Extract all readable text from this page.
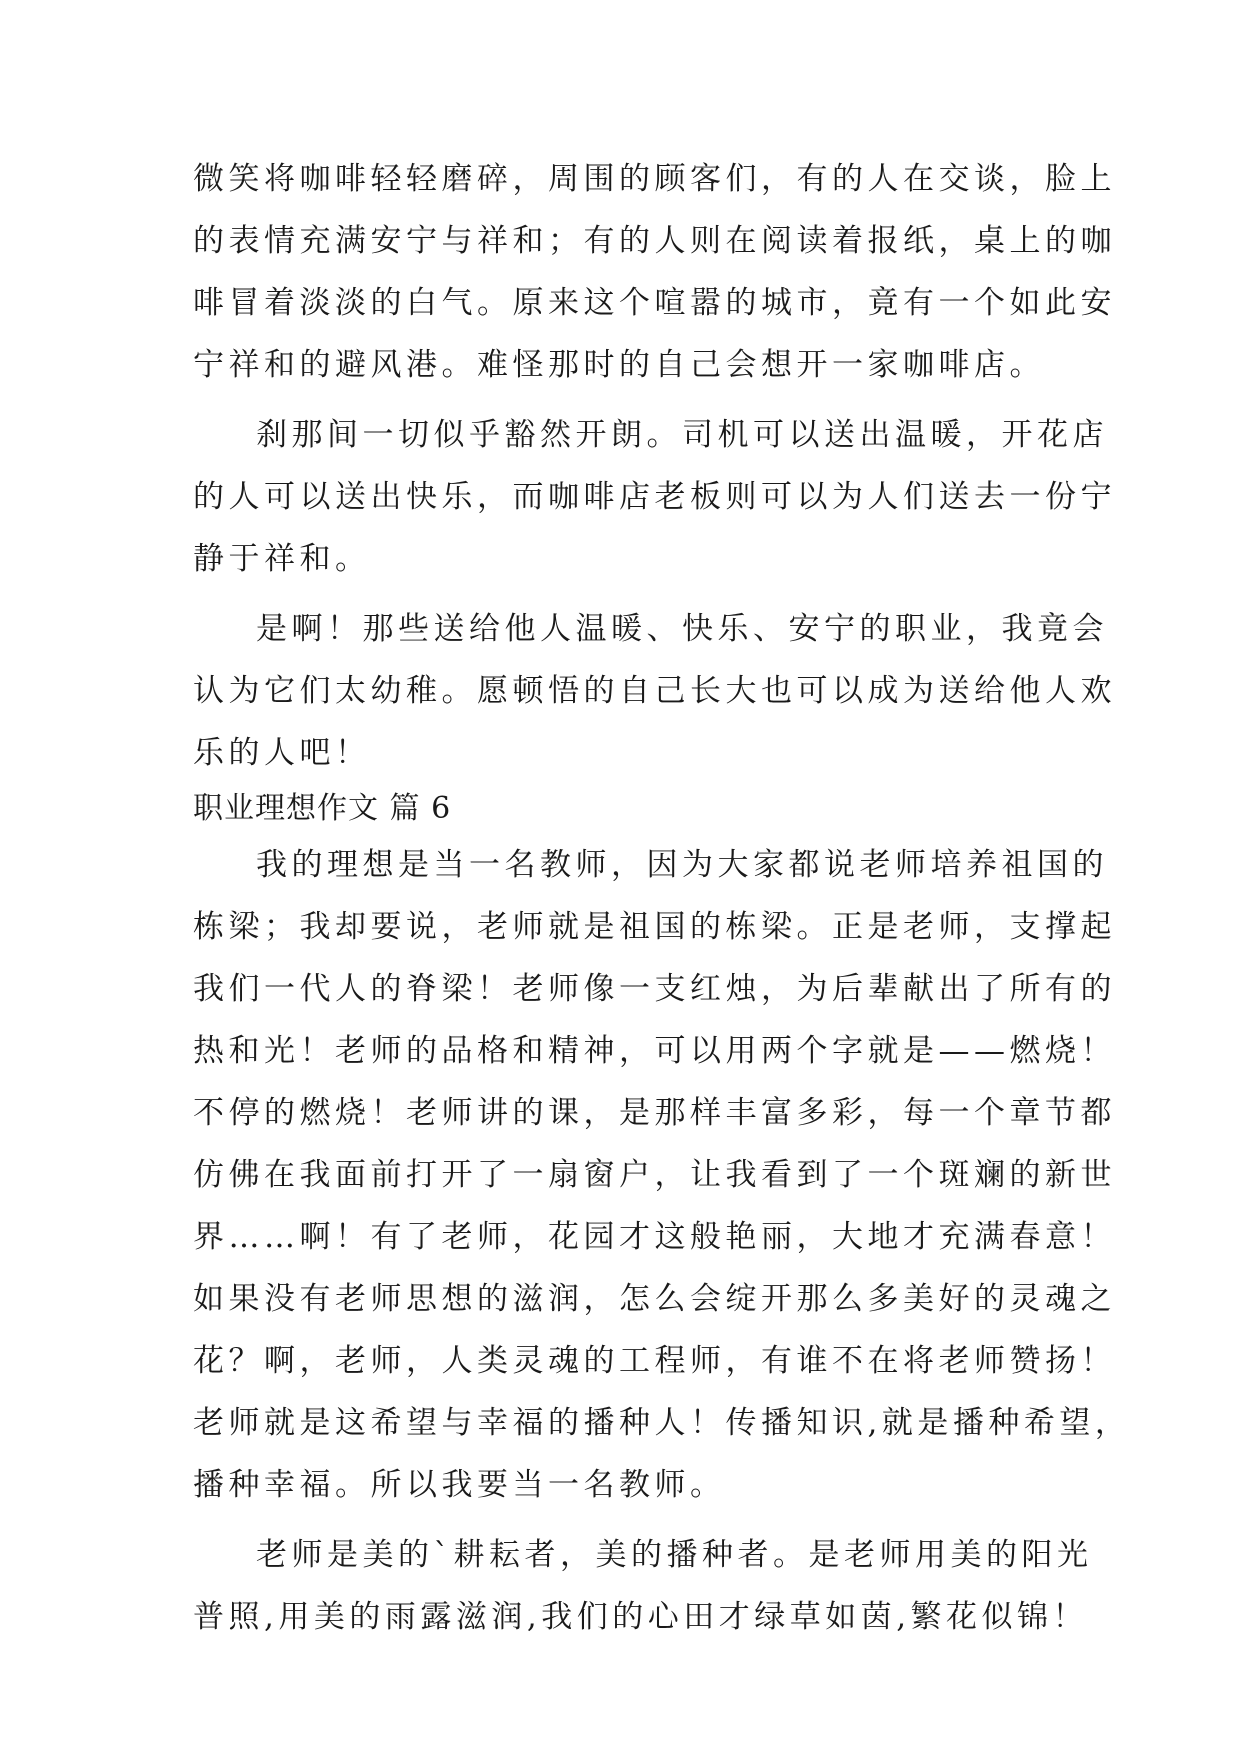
微笑将咖啡轻轻磨碎，周围的顾客们，有的人在交谈，脸上
的表情充满安宁与祥和；有的人则在阅读着报纸，桌上的咖
啡冒着淡淡的白气。原来这个喧嚣的城市，竟有一个如此安
宁祥和的避风港。难怪那时的自己会想开一家咖啡店。
刹那间一切似乎豁然开朗。司机可以送出温暖，开花店
的人可以送出快乐，而咖啡店老板则可以为人们送去一份宁
静于祥和。
是啊！那些送给他人温暖、快乐、安宁的职业，我竟会
认为它们太幼稚。愿顿悟的自己长大也可以成为送给他人欢
乐的人吧！
职业理想作文 篇 6
我的理想是当一名教师，因为大家都说老师培养祖国的
栋梁；我却要说，老师就是祖国的栋梁。正是老师，支撑起
我们一代人的脊梁！老师像一支红烛，为后辈献出了所有的
热和光！老师的品格和精神，可以用两个字就是——燃烧！
不停的燃烧！老师讲的课，是那样丰富多彩，每一个章节都
仿佛在我面前打开了一扇窗户，让我看到了一个斑斓的新世
界……啊！有了老师，花园才这般艳丽，大地才充满春意！
如果没有老师思想的滋润，怎么会绽开那么多美好的灵魂之
花？啊，老师，人类灵魂的工程师，有谁不在将老师赞扬！
老师就是这希望与幸福的播种人！传播知识,就是播种希望，
播种幸福。所以我要当一名教师。
老师是美的`耕耘者，美的播种者。是老师用美的阳光
普照,用美的雨露滋润,我们的心田才绿草如茵,繁花似锦！
